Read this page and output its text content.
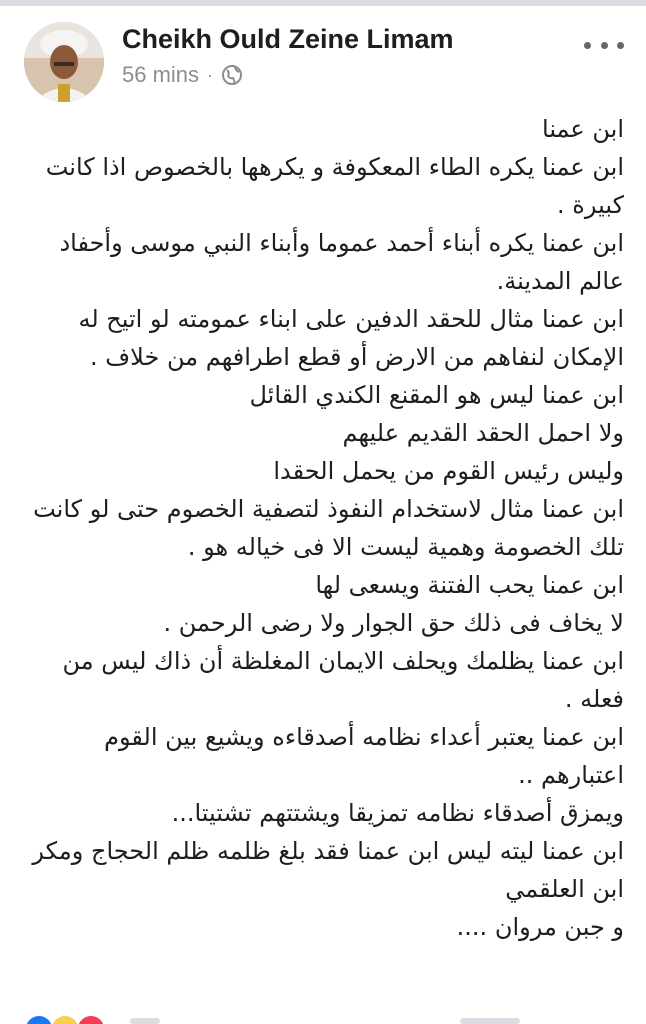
Cheikh Ould Zeine Limam
56 mins ·

ابن عمنا

ابن عمنا يكره الطاء المعكوفة و يكرهها بالخصوص اذا كانت كبيرة .

ابن عمنا يكره أبناء أحمد عموما وأبناء النبي موسى وأحفاد عالم المدينة.

ابن عمنا مثال للحقد الدفين على ابناء عمومته لو اتيح له الإمكان لنفاهم من الارض أو قطع اطرافهم من خلاف .

ابن عمنا ليس هو المقنع الكندي القائل

ولا احمل الحقد القديم عليهم

وليس رئيس القوم من يحمل الحقدا

ابن عمنا مثال لاستخدام النفوذ لتصفية الخصوم حتى لو كانت تلك الخصومة وهمية ليست الا فى خياله هو .

ابن عمنا يحب الفتنة ويسعى لها

لا يخاف فى ذلك حق الجوار ولا رضى الرحمن .

ابن عمنا يظلمك ويحلف الايمان المغلظة أن ذاك ليس من فعله .

ابن عمنا يعتبر أعداء نظامه أصدقاءه ويشيع بين القوم اعتبارهم ..

ويمزق أصدقاء نظامه تمزيقا ويشتتهم تشتيتا...

ابن عمنا ليته ليس ابن عمنا فقد بلغ ظلمه ظلم الحجاج ومكر ابن العلقمي

و جبن مروان ....
